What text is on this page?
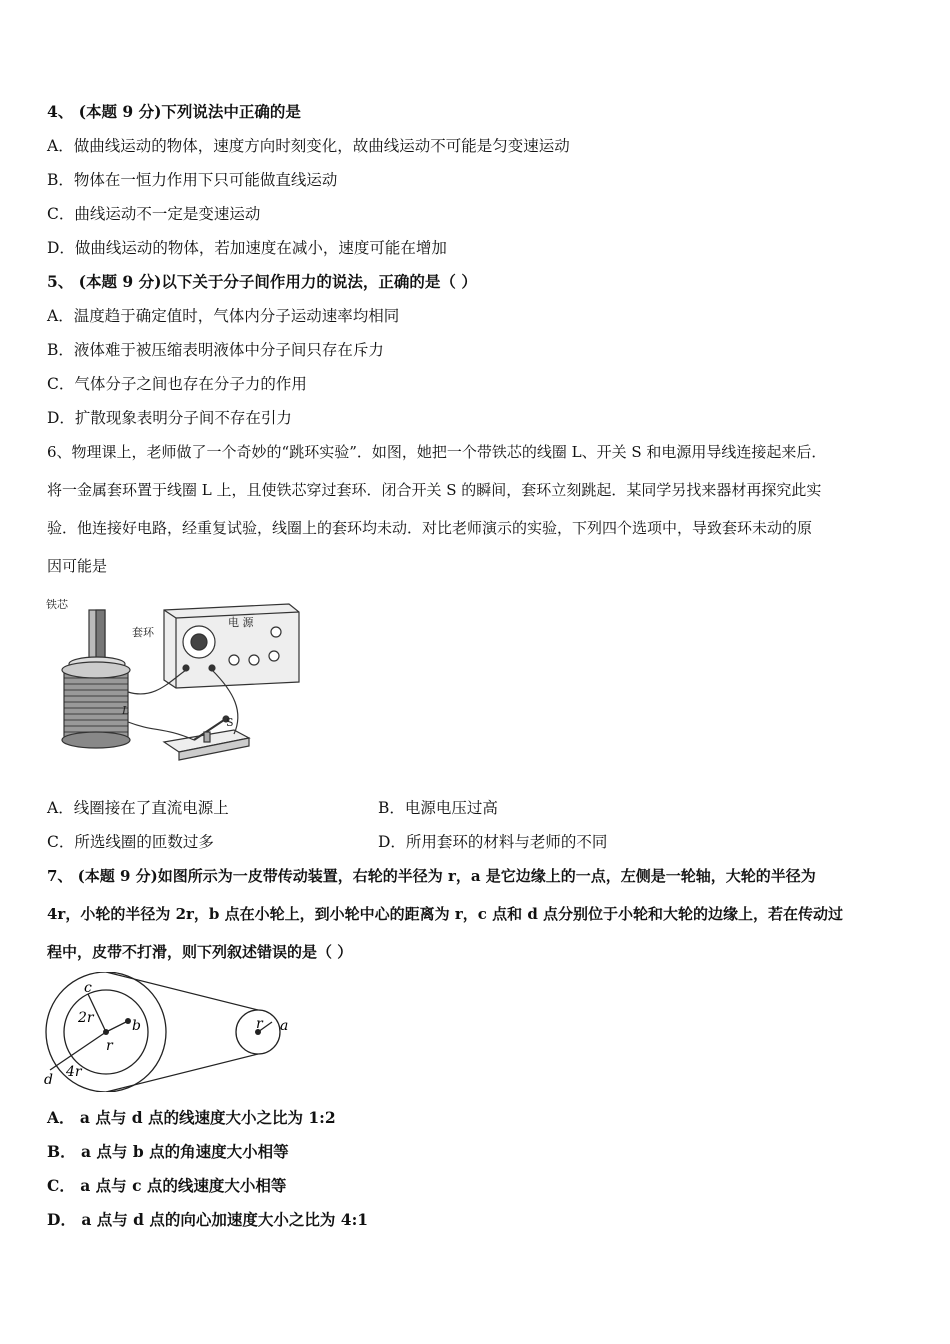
4、 (本题 9 分)下列说法中正确的是
A．做曲线运动的物体，速度方向时刻变化，故曲线运动不可能是匀变速运动
B．物体在一恒力作用下只可能做直线运动
C．曲线运动不一定是变速运动
D．做曲线运动的物体，若加速度在减小，速度可能在增加
5、 (本题 9 分)以下关于分子间作用力的说法，正确的是（ ）
A．温度趋于确定值时，气体内分子运动速率均相同
B．液体难于被压缩表明液体中分子间只存在斥力
C．气体分子之间也存在分子力的作用
D．扩散现象表明分子间不存在引力
6、物理课上，老师做了一个奇妙的“跳环实验”．如图，她把一个带铁芯的线圈 L、开关 S 和电源用导线连接起来后．
将一金属套环置于线圈 L 上，且使铁芯穿过套环．闭合开关 S 的瞬间，套环立刻跳起．某同学另找来器材再探究此实
验．他连接好电路，经重复试验，线圈上的套环均未动．对比老师演示的实验，下列四个选项中，导致套环未动的原
因可能是
铁芯
套环
电 源
L
S
A．线圈接在了直流电源上	B．电源电压过高
C．所选线圈的匝数过多	D．所用套环的材料与老师的不同
7、 (本题 9 分)如图所示为一皮带传动装置，右轮的半径为 r，a 是它边缘上的一点，左侧是一轮轴，大轮的半径为
4r，小轮的半径为 2r，b 点在小轮上，到小轮中心的距离为 r，c 点和 d 点分别位于小轮和大轮的边缘上，若在传动过
程中，皮带不打滑，则下列叙述错误的是（ ）
c
2r	b
r
d 4r
r a
A． a 点与 d 点的线速度大小之比为 1:2
B． a 点与 b 点的角速度大小相等
C． a 点与 c 点的线速度大小相等
D． a 点与 d 点的向心加速度大小之比为 4:1
